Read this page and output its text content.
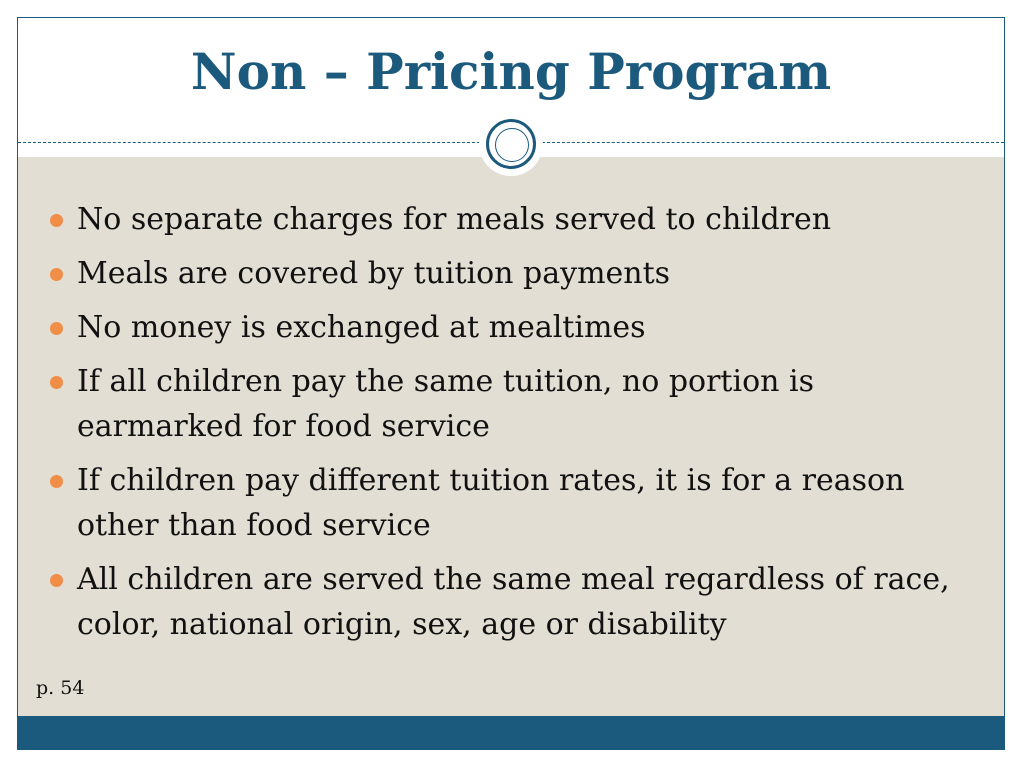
Non – Pricing Program
No separate charges for meals served to children
Meals are covered by tuition payments
No money is exchanged at mealtimes
If all children pay the same tuition, no portion is earmarked for food service
If children pay different tuition rates, it is for a reason other than food service
All children are served the same meal regardless of race, color, national origin, sex, age or disability
p. 54
